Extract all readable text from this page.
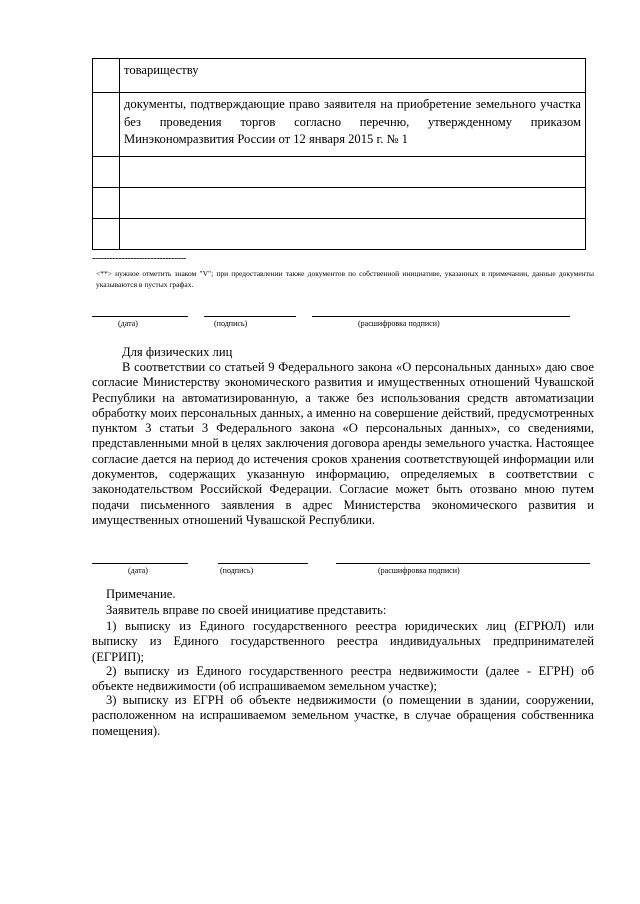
	товариществу
	документы, подтверждающие право заявителя на приобретение земельного участка без проведения торгов согласно перечню, утвержденному приказом Минэкономразвития России от 12 января 2015 г. № 1

--------------------------------
<**> нужное отметить знаком "V"; при предоставлении также документов по собственной инициативе, указанных в примечании, данные документы указываются в пустых графах.
(дата)	(подпись)	(расшифровка подписи)
Для физических лиц
В соответствии со статьей 9 Федерального закона «О персональных данных» даю свое согласие Министерству экономического развития и имущественных отношений Чувашской Республики на автоматизированную, а также без использования средств автоматизации обработку моих персональных данных, а именно на совершение действий, предусмотренных пунктом 3 статьи 3 Федерального закона «О персональных данных», со сведениями, представленными мной в целях заключения договора аренды земельного участка. Настоящее согласие дается на период до истечения сроков хранения соответствующей информации или документов, содержащих указанную информацию, определяемых в соответствии с законодательством Российской Федерации. Согласие может быть отозвано мною путем подачи письменного заявления в адрес Министерства экономического развития и имущественных отношений Чувашской Республики.
(дата)	(подпись)	(расшифровка подписи)
Примечание.
Заявитель вправе по своей инициативе представить:
1) выписку из Единого государственного реестра юридических лиц (ЕГРЮЛ) или выписку из Единого государственного реестра индивидуальных предпринимателей (ЕГРИП);
2) выписку из Единого государственного реестра недвижимости (далее - ЕГРН) об объекте недвижимости (об испрашиваемом земельном участке);
3) выписку из ЕГРН об объекте недвижимости (о помещении в здании, сооружении, расположенном на испрашиваемом земельном участке, в случае обращения собственника помещения).
